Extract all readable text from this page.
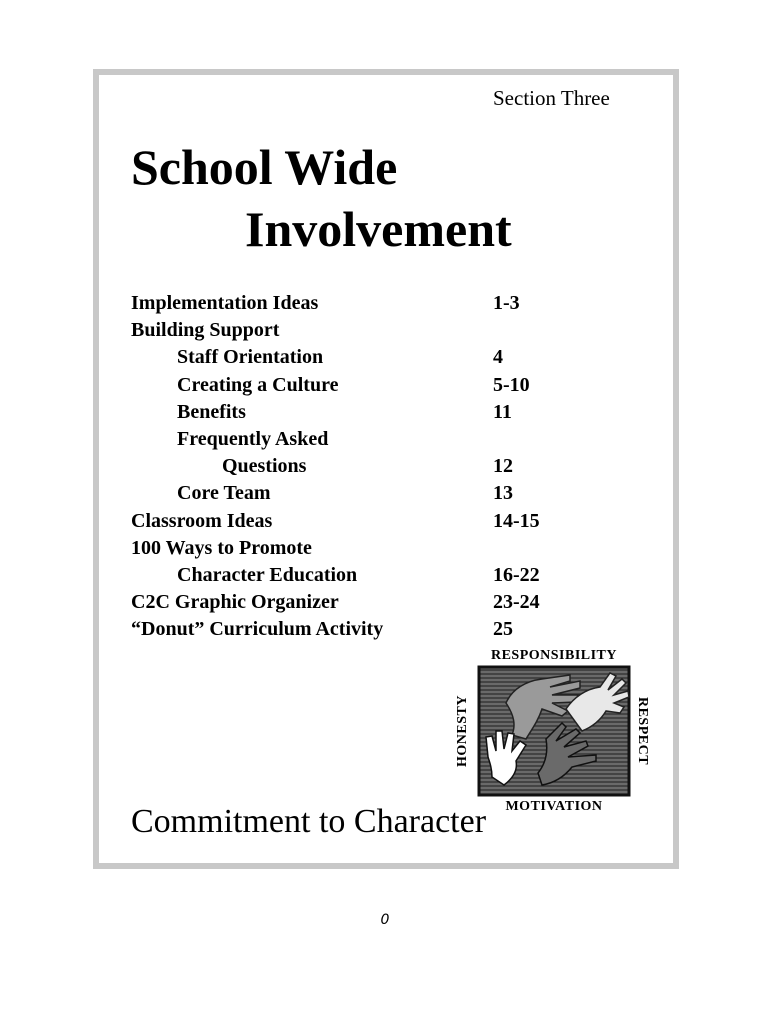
Section Three
School Wide
Involvement
Implementation Ideas	1-3
Building Support
Staff Orientation	4
Creating a Culture	5-10
Benefits	11
Frequently Asked
Questions	12
Core Team	13
Classroom Ideas	14-15
100 Ways to Promote
Character Education	16-22
C2C Graphic Organizer	23-24
“Donut” Curriculum Activity	25
RESPONSIBILITY
MOTIVATION
HONESTY	RESPECT
Commitment to Character
0
